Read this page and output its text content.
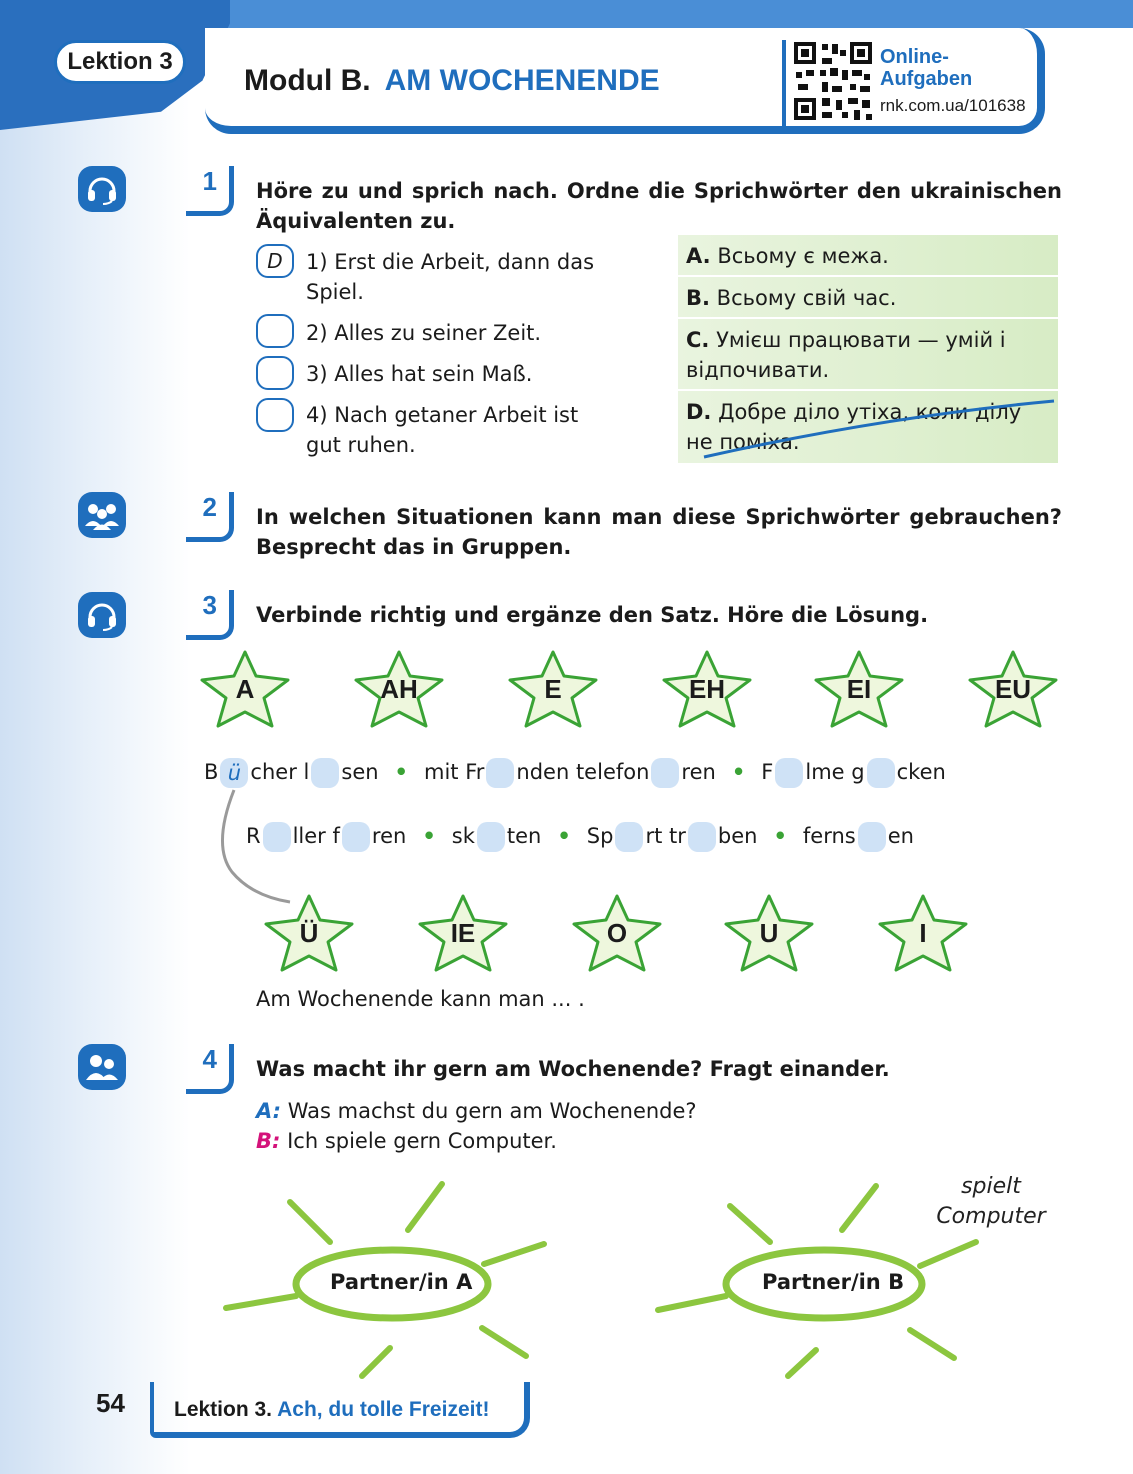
Lektion 3
Modul B. AM WOCHENENDE
Online-
Aufgaben
rnk.com.ua/101638
1	Höre zu und sprich nach. Ordne die Sprichwörter den ukrainischen Äquivalenten zu.
D	1) Erst die Arbeit, dann das Spiel.
2) Alles zu seiner Zeit.
3) Alles hat sein Maß.
4) Nach getaner Arbeit ist gut ruhen.
A. Всьому є межа.
B. Всьому свій час.
C. Умієш працювати — умій і відпочивати.
D. Добре діло утіха, коли ділу не поміха.
2	In welchen Situationen kann man diese Sprichwörter gebrauchen? Besprecht das in Gruppen.
3	Verbinde richtig und ergänze den Satz. Höre die Lösung.
A	AH	E	EH	EI	EU
B ü cher l sen • mit Fr nden telefon ren • F lme g cken
R ller f ren • sk ten • Sp rt tr ben • ferns en
Ü	IE	O	U	I
Am Wochenende kann man ... .
4	Was macht ihr gern am Wochenende? Fragt einander.
A: Was machst du gern am Wochenende?
B: Ich spiele gern Computer.
Partner/in A	Partner/in B
spielt
Computer
54 Lektion 3. Ach, du tolle Freizeit!
